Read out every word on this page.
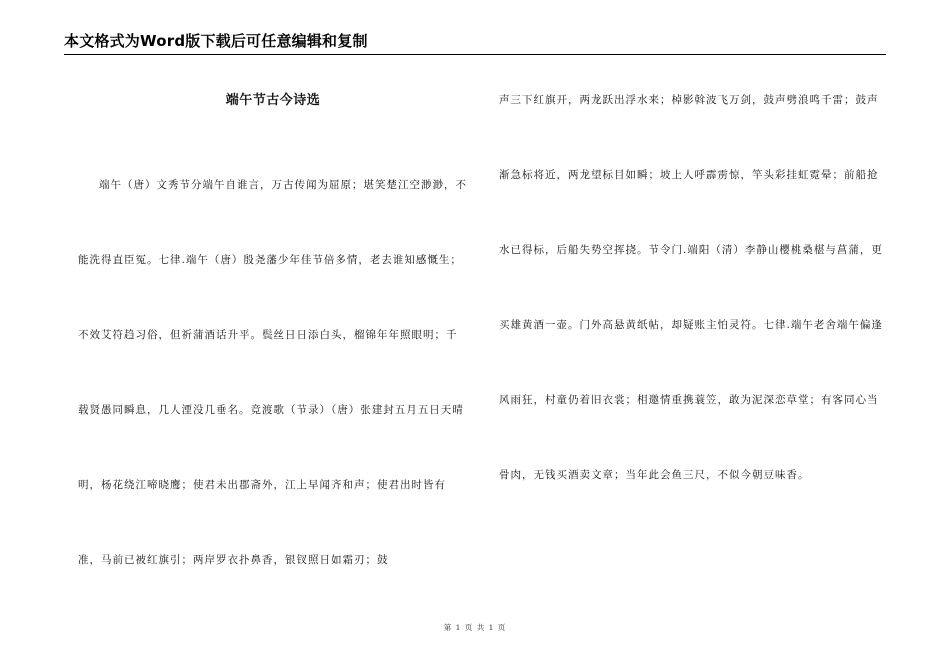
本文格式为Word版下载后可任意编辑和复制
端午节古今诗选
端午（唐）文秀节分端午自谁言，万古传闻为屈原；堪笑楚江空渺渺，不能洗得直臣冤。七律.端午（唐）殷尧藩少年佳节倍多情，老去谁知感慨生；不效艾符趋习俗，但祈蒲酒话升平。鬓丝日日添白头，榴锦年年照眼明；千载贤愚同瞬息，几人湮没几垂名。竞渡歌（节录）（唐）张建封五月五日天晴明，杨花绕江啼晓鹰；使君未出郡斋外，江上早闻齐和声；使君出时皆有准，马前已被红旗引；两岸罗衣扑鼻香，银钗照日如霜刃；鼓
声三下红旗开，两龙跃出浮水来；棹影斡波飞万剑，鼓声劈浪鸣千雷；鼓声渐急标将近，两龙望标目如瞬；坡上人呼霹雳惊，竿头彩挂虹霓晕；前船抢水已得标，后船失势空挥挠。节令门.端阳（清）李静山樱桃桑椹与菖蒲，更买雄黄酒一壶。门外高悬黄纸帖，却疑账主怕灵符。七律.端午老舍端午偏逢风雨狂，村童仍着旧衣裳；相邀情重携蓑笠，敢为泥深恋草堂；有客同心当骨肉，无钱买酒卖文章；当年此会鱼三尺，不似今朝豆味香。
第 1 页 共 1 页
